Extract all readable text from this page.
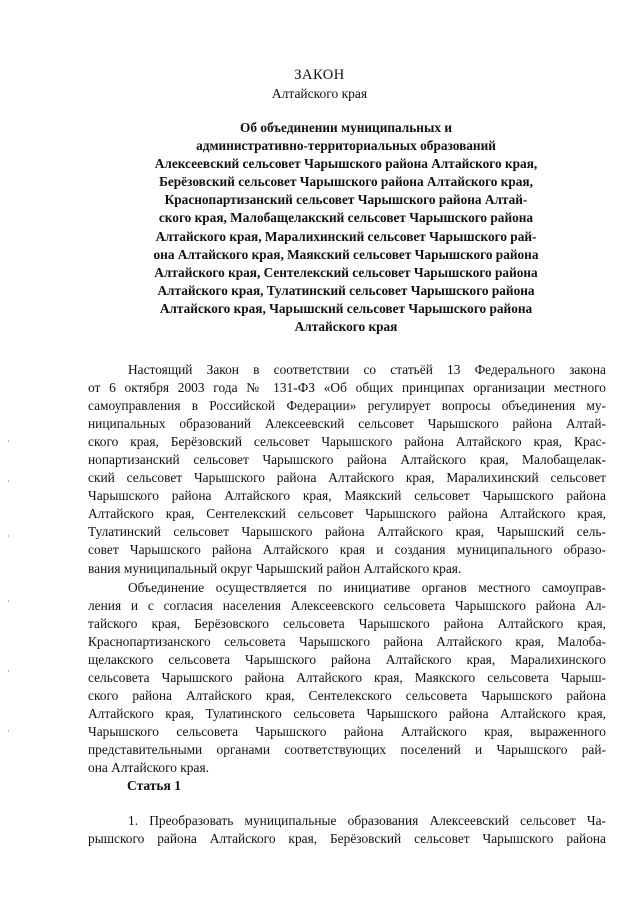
ЗАКОН
Алтайского края
Об объединении муниципальных и
административно-территориальных образований
Алексеевский сельсовет Чарышского района Алтайского края,
Берёзовский сельсовет Чарышского района Алтайского края,
Краснопартизанский сельсовет Чарышского района Алтай-
ского края, Малобащелакский сельсовет Чарышского района
Алтайского края, Маралихинский сельсовет Чарышского рай-
она Алтайского края, Маякский сельсовет Чарышского района
Алтайского края, Сентелекский сельсовет Чарышского района
Алтайского края, Тулатинский сельсовет Чарышского района
Алтайского края, Чарышский сельсовет Чарышского района
Алтайского края
Настоящий Закон в соответствии со статьёй 13 Федерального закона
от 6 октября 2003 года № 131-ФЗ «Об общих принципах организации местного
самоуправления в Российской Федерации» регулирует вопросы объединения му-
ниципальных образований Алексеевский сельсовет Чарышского района Алтай-
ского края, Берёзовский сельсовет Чарышского района Алтайского края, Крас-
нопартизанский сельсовет Чарышского района Алтайского края, Малобащелак-
ский сельсовет Чарышского района Алтайского края, Маралихинский сельсовет
Чарышского района Алтайского края, Маякский сельсовет Чарышского района
Алтайского края, Сентелекский сельсовет Чарышского района Алтайского края,
Тулатинский сельсовет Чарышского района Алтайского края, Чарышский сель-
совет Чарышского района Алтайского края и создания муниципального образо-
вания муниципальный округ Чарышский район Алтайского края.
Объединение осуществляется по инициативе органов местного самоуправ-
ления и с согласия населения Алексеевского сельсовета Чарышского района Ал-
тайского края, Берёзовского сельсовета Чарышского района Алтайского края,
Краснопартизанского сельсовета Чарышского района Алтайского края, Малоба-
щелакского сельсовета Чарышского района Алтайского края, Маралихинского
сельсовета Чарышского района Алтайского края, Маякского сельсовета Чарыш-
ского района Алтайского края, Сентелекского сельсовета Чарышского района
Алтайского края, Тулатинского сельсовета Чарышского района Алтайского края,
Чарышского сельсовета Чарышского района Алтайского края, выраженного
представительными органами соответствующих поселений и Чарышского рай-
она Алтайского края.
Статья 1
1. Преобразовать муниципальные образования Алексеевский сельсовет Ча-
рышского района Алтайского края, Берёзовский сельсовет Чарышского района
